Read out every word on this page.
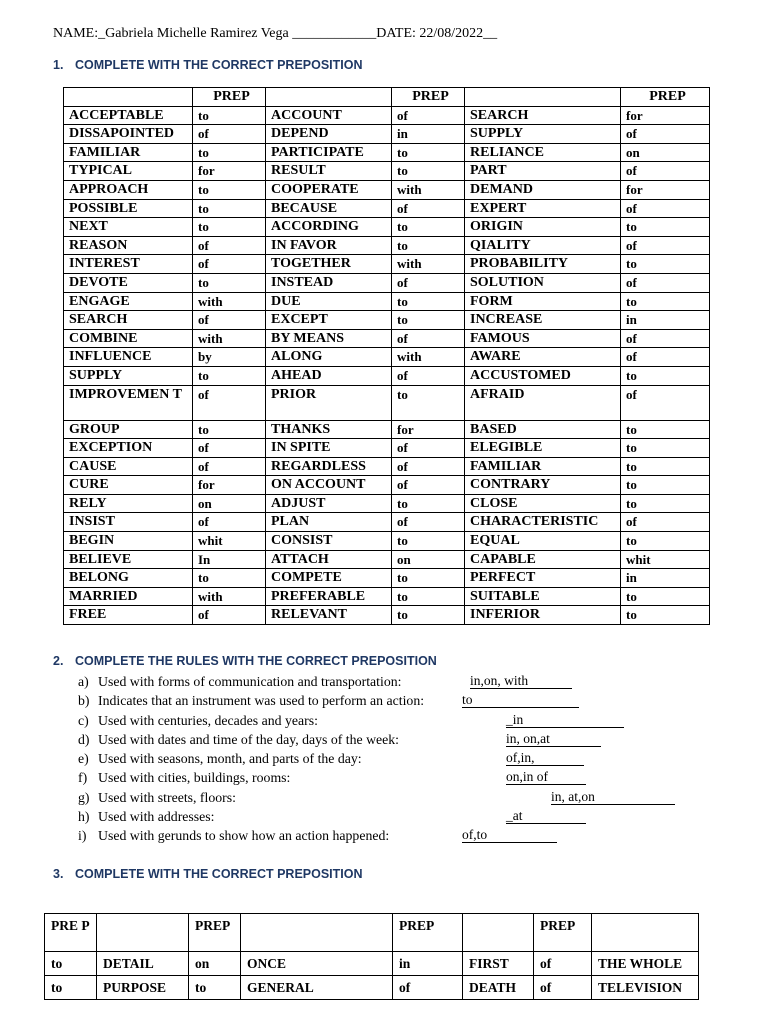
NAME:_Gabriela Michelle Ramirez Vega ____________DATE: 22/08/2022__
1. COMPLETE WITH THE CORRECT PREPOSITION
	PREP		PREP		PREP
ACCEPTABLE	to	ACCOUNT	of	SEARCH	for
DISSAPOINTED	of	DEPEND	in	SUPPLY	of
FAMILIAR	to	PARTICIPATE	to	RELIANCE	on
TYPICAL	for	RESULT	to	PART	of
APPROACH	to	COOPERATE	with	DEMAND	for
POSSIBLE	to	BECAUSE	of	EXPERT	of
NEXT	to	ACCORDING	to	ORIGIN	to
REASON	of	IN FAVOR	to	QIALITY	of
INTEREST	of	TOGETHER	with	PROBABILITY	to
DEVOTE	to	INSTEAD	of	SOLUTION	of
ENGAGE	with	DUE	to	FORM	to
SEARCH	of	EXCEPT	to	INCREASE	in
COMBINE	with	BY MEANS	of	FAMOUS	of
INFLUENCE	by	ALONG	with	AWARE	of
SUPPLY	to	AHEAD	of	ACCUSTOMED	to
IMPROVEMEN T	of	PRIOR	to	AFRAID	of
GROUP	to	THANKS	for	BASED	to
EXCEPTION	of	IN SPITE	of	ELEGIBLE	to
CAUSE	of	REGARDLESS	of	FAMILIAR	to
CURE	for	ON ACCOUNT	of	CONTRARY	to
RELY	on	ADJUST	to	CLOSE	to
INSIST	of	PLAN	of	CHARACTERISTIC	of
BEGIN	whit	CONSIST	to	EQUAL	to
BELIEVE	In	ATTACH	on	CAPABLE	whit
BELONG	to	COMPETE	to	PERFECT	in
MARRIED	with	PREFERABLE	to	SUITABLE	to
FREE	of	RELEVANT	to	INFERIOR	to
2. COMPLETE THE RULES WITH THE CORRECT PREPOSITION
a) Used with forms of communication and transportation:	in,on, with
b) Indicates that an instrument was used to perform an action:	to
c) Used with centuries, decades and years:	_in
d) Used with dates and time of the day, days of the week:	in, on,at
e) Used with seasons, month, and parts of the day:	of,in,
f) Used with cities, buildings, rooms:	on,in of
g) Used with streets, floors:	in, at,on
h) Used with addresses:	_at
i) Used with gerunds to show how an action happened:	of,to
3. COMPLETE WITH THE CORRECT PREPOSITION
PRE P		PREP		PREP		PREP	
to	DETAIL	on	ONCE	in	FIRST	of	THE WHOLE
to	PURPOSE	to	GENERAL	of	DEATH	of	TELEVISION
